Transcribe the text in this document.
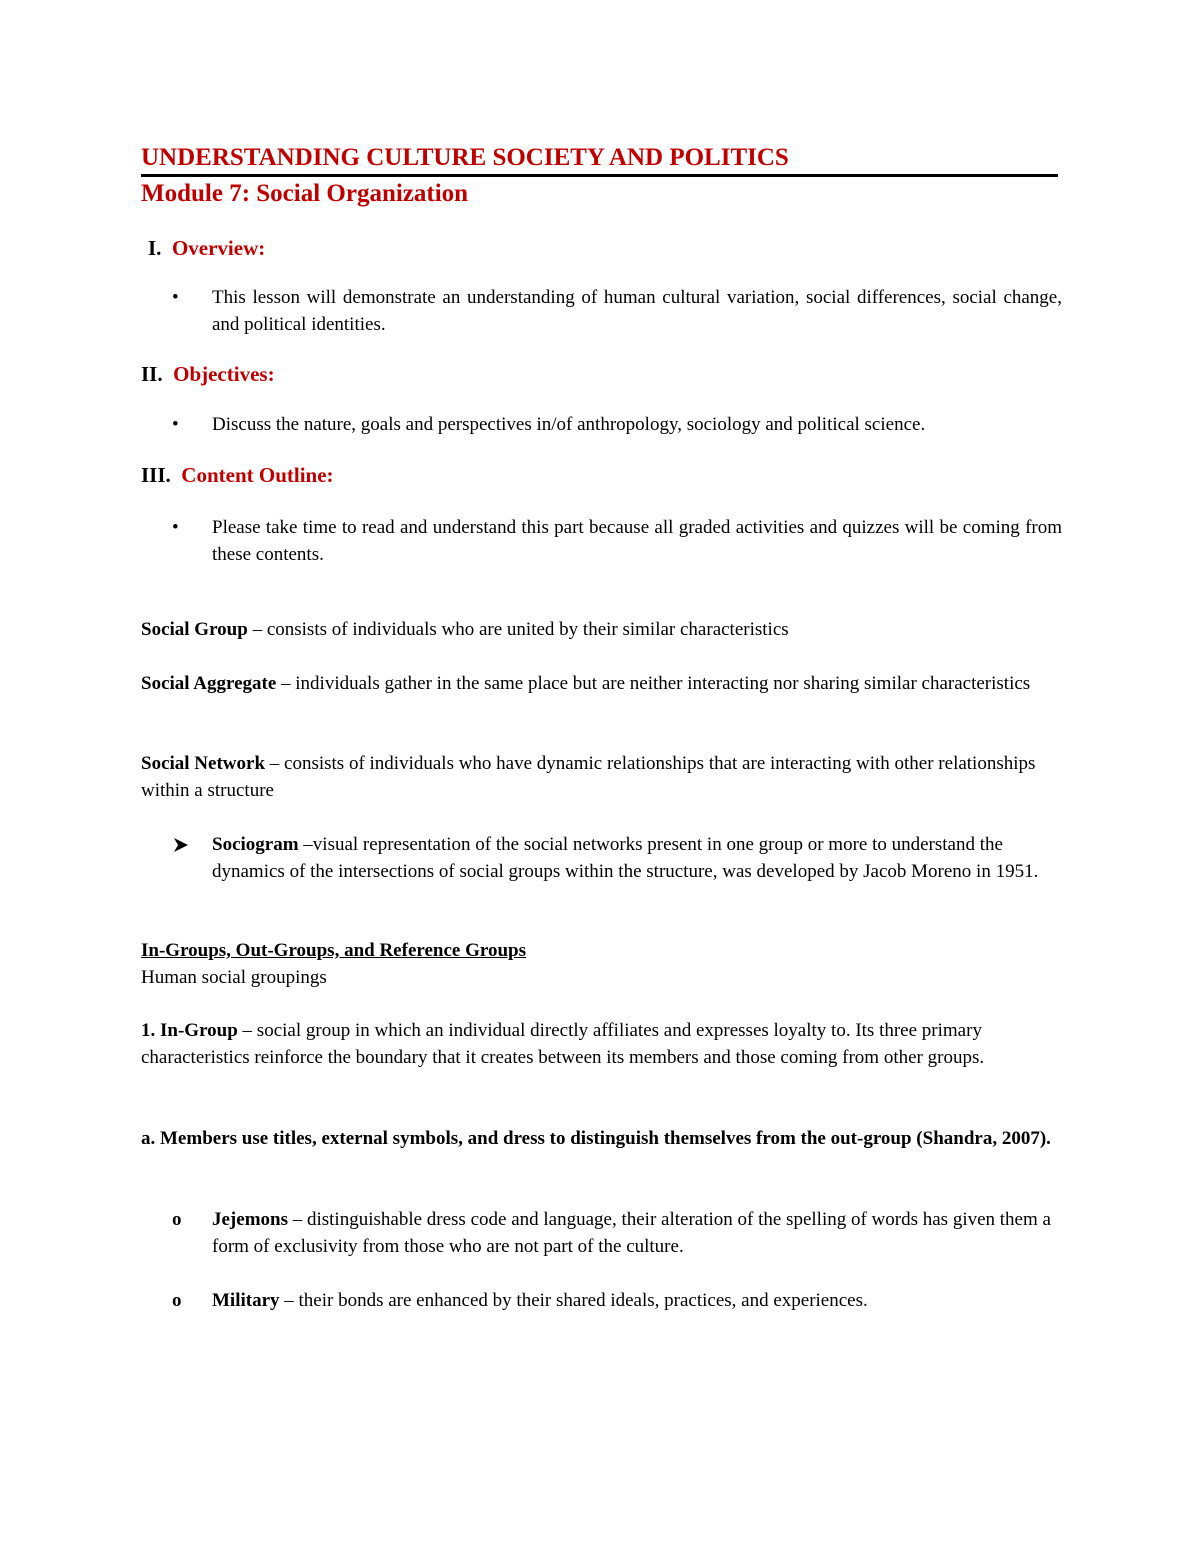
UNDERSTANDING CULTURE SOCIETY AND POLITICS
Module 7: Social Organization
I. Overview:
•	This lesson will demonstrate an understanding of human cultural variation, social differences, social change, and political identities.
II. Objectives:
•	Discuss the nature, goals and perspectives in/of anthropology, sociology and political science.
III. Content Outline:
•	Please take time to read and understand this part because all graded activities and quizzes will be coming from these contents.
Social Group – consists of individuals who are united by their similar characteristics
Social Aggregate – individuals gather in the same place but are neither interacting nor sharing similar characteristics
Social Network – consists of individuals who have dynamic relationships that are interacting with other relationships within a structure
Sociogram –visual representation of the social networks present in one group or more to understand the dynamics of the intersections of social groups within the structure, was developed by Jacob Moreno in 1951.
In-Groups, Out-Groups, and Reference Groups
Human social groupings
1. In-Group – social group in which an individual directly affiliates and expresses loyalty to. Its three primary characteristics reinforce the boundary that it creates between its members and those coming from other groups.
a. Members use titles, external symbols, and dress to distinguish themselves from the out-group (Shandra, 2007).
o	Jejemons – distinguishable dress code and language, their alteration of the spelling of words has given them a form of exclusivity from those who are not part of the culture.
o	Military – their bonds are enhanced by their shared ideals, practices, and experiences.
